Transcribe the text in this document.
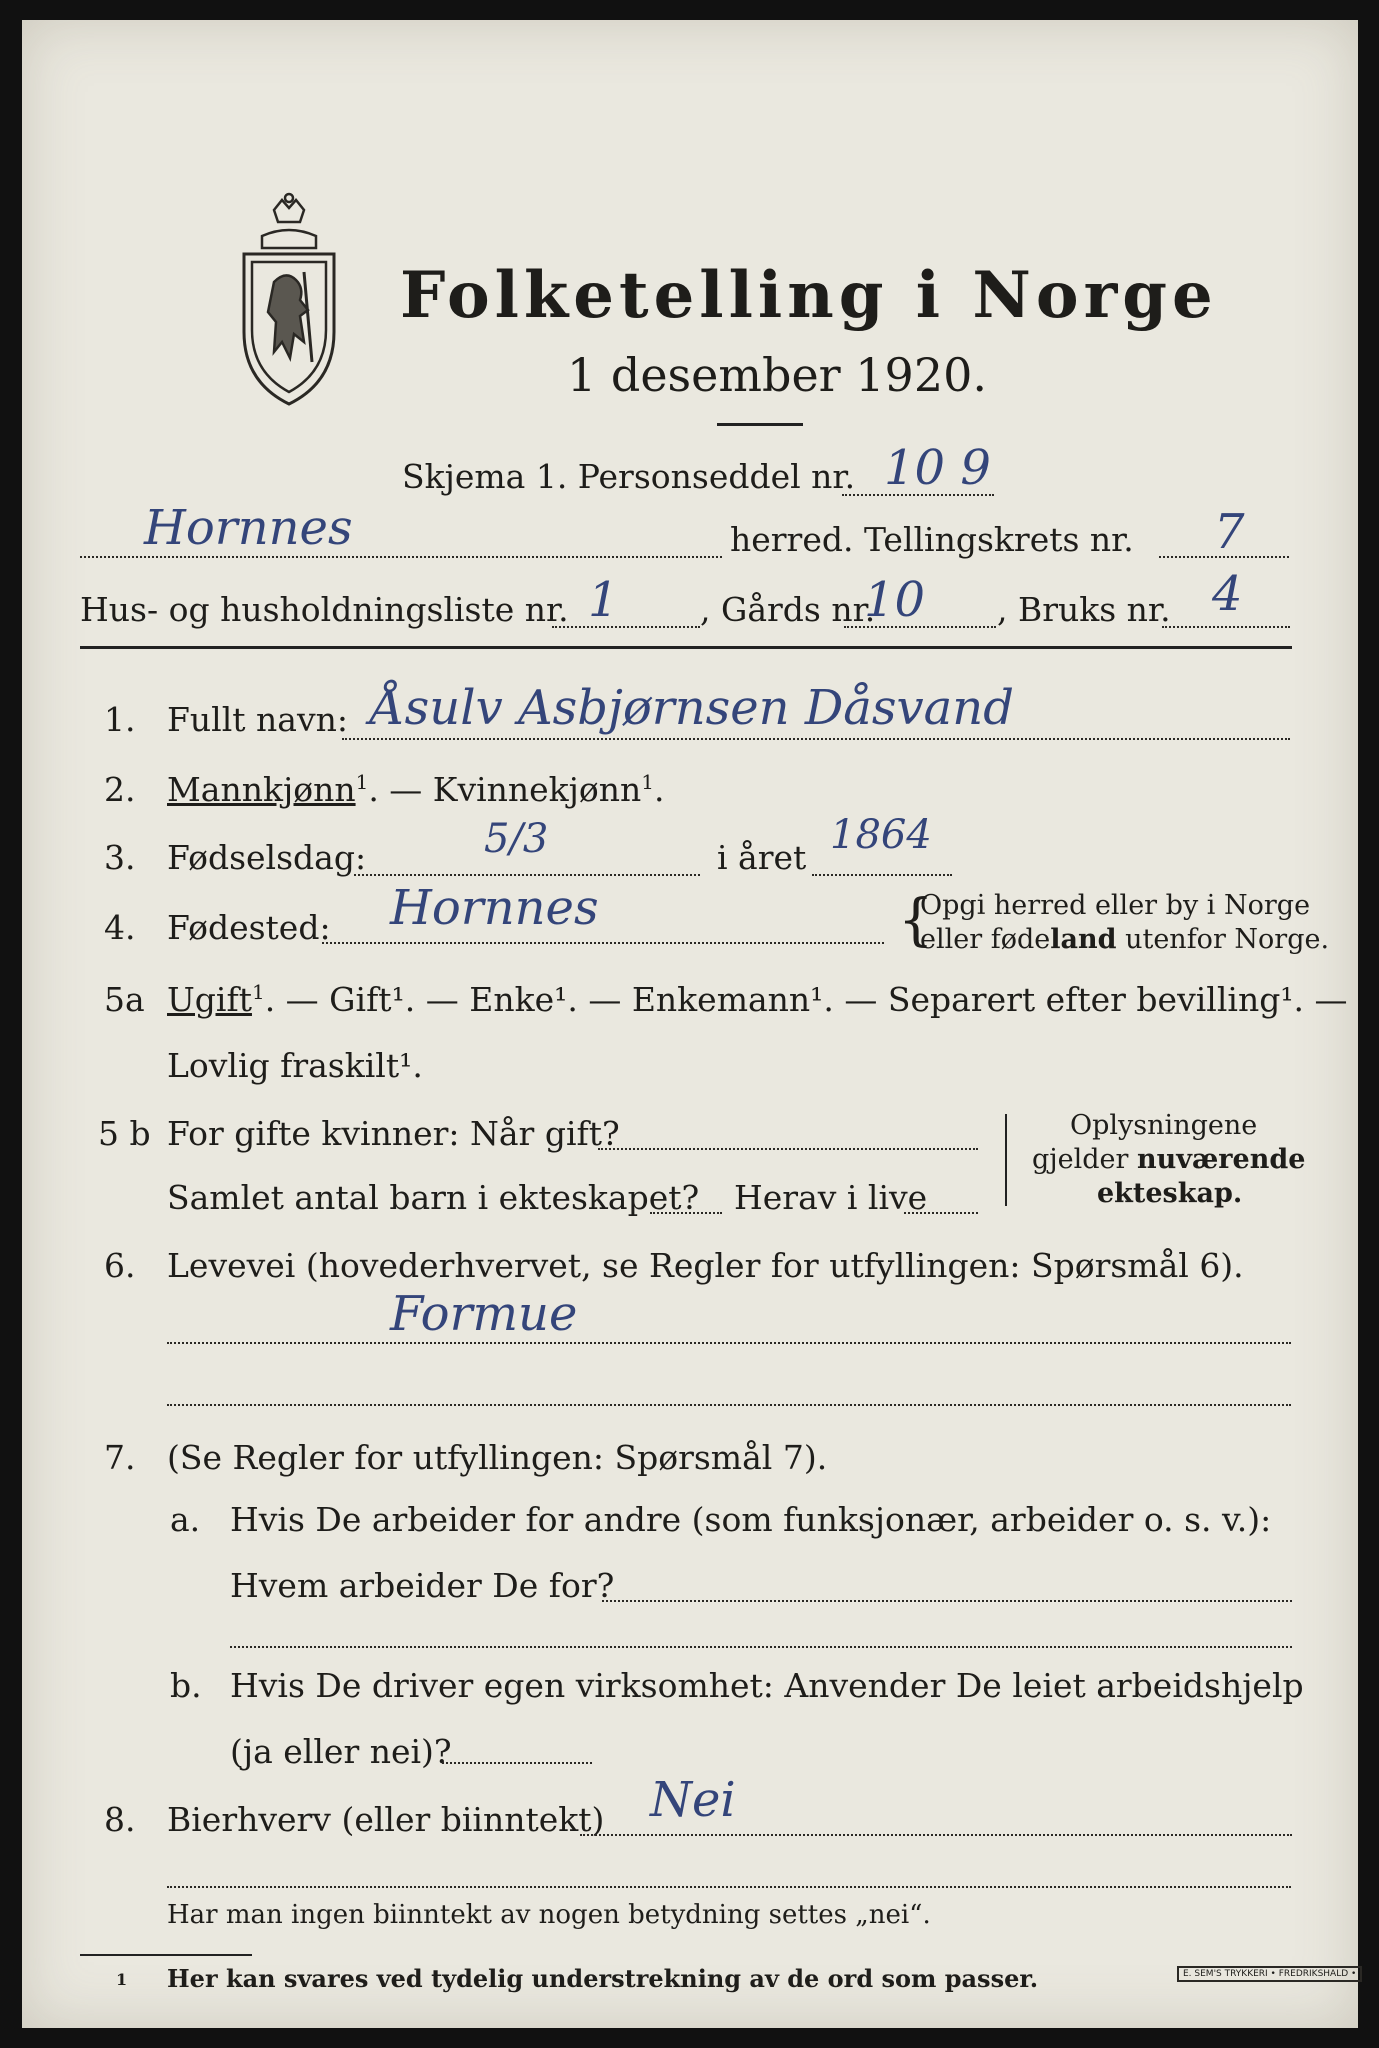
Folketelling i Norge
1 desember 1920.
Skjema 1. Personseddel nr. 10 9
Hornnes	herred. Tellingskrets nr. 7
Hus- og husholdningsliste nr. 1 , Gårds nr.
10 , Bruks nr. 4
1. Fullt navn: Åsulv Asbjørnsen Dåsvand
2. Mannkjønn$^1$. — Kvinnekjønn$^1$.
3. Fødselsdag:	5/3	i året 1864
4. Fødested: Hornnes	{
Opgi herred eller by i Norge
eller fødeland utenfor Norge.
5a Ugift$^1$. — Gift¹. — Enke¹. — Enkemann¹. — Separert efter bevilling¹. —
Lovlig fraskilt¹.
5 b For gifte kvinner: Når gift?
Samlet antal barn i ekteskapet? Herav i live
Oplysningene
gjelder nuværende
ekteskap.
6. Levevei (hovederhvervet, se Regler for utfyllingen: Spørsmål 6).
Formue
7. (Se Regler for utfyllingen: Spørsmål 7).
a. Hvis De arbeider for andre (som funksjonær, arbeider o. s. v.):
Hvem arbeider De for?
b. Hvis De driver egen virksomhet: Anvender De leiet arbeidshjelp
(ja eller nei)?
8. Bierhverv (eller biinntekt) Nei
Har man ingen biinntekt av nogen betydning settes „nei“.
1 Her kan svares ved tydelig understrekning av de ord som passer.	E. SEM'S TRYKKERI • FREDRIKSHALD •
